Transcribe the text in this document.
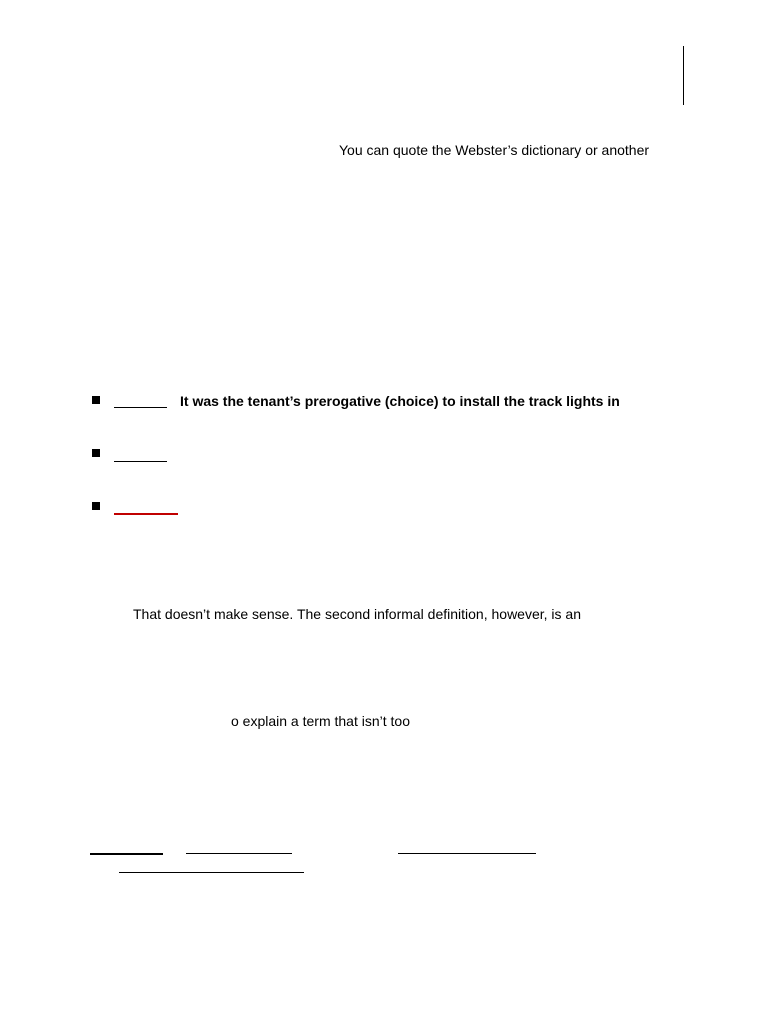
You can quote the Webster’s dictionary or another
It was the tenant’s prerogative (choice) to install the track lights in
That doesn’t make sense. The second informal definition, however, is an
o explain a term that isn’t too
